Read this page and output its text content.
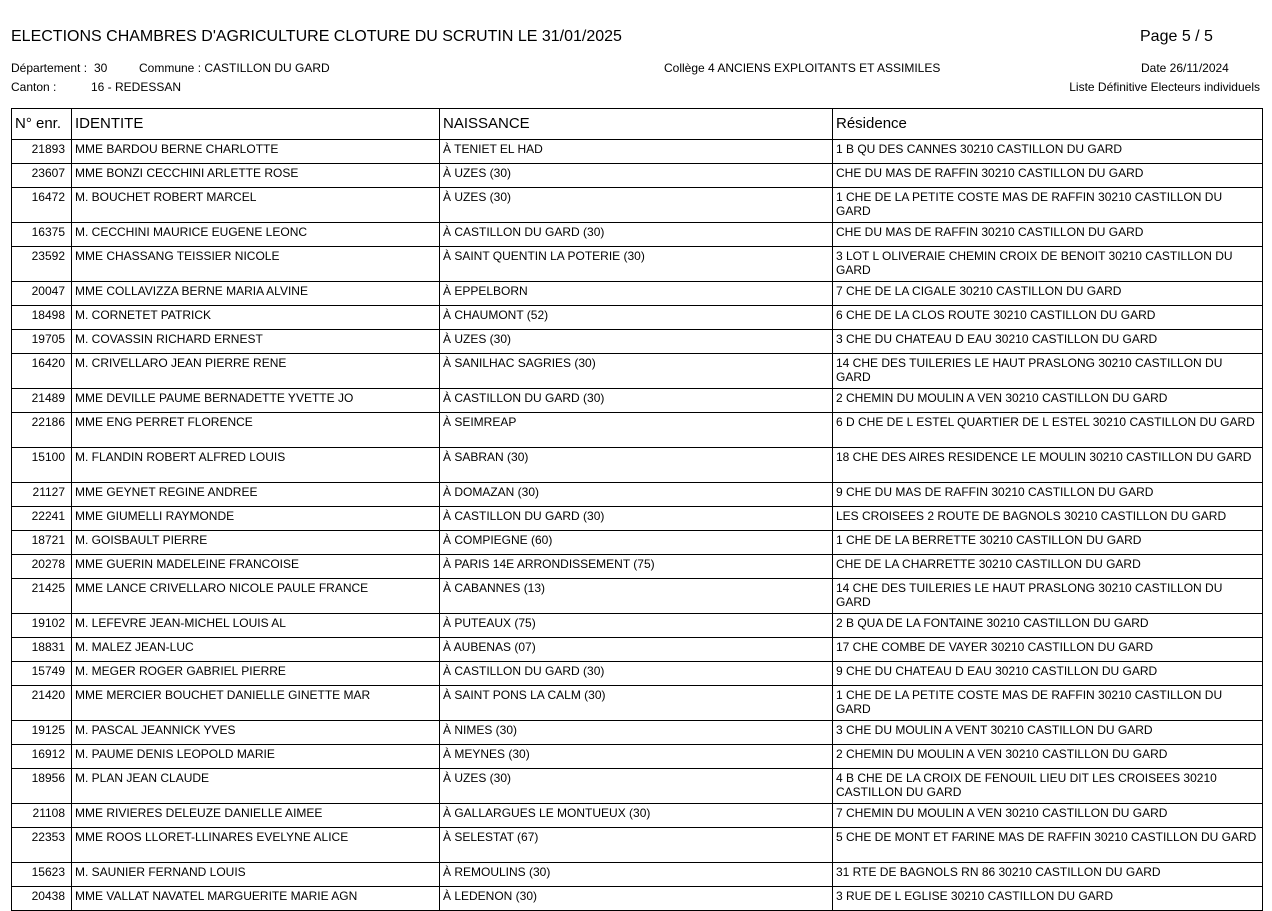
ELECTIONS CHAMBRES D'AGRICULTURE CLOTURE DU SCRUTIN LE 31/01/2025	Page 5 / 5
Département : 30	Commune : CASTILLON DU GARD	Collège 4 ANCIENS EXPLOITANTS ET ASSIMILES	Date 26/11/2024
Canton :	16 - REDESSAN	Liste Définitive Electeurs individuels
N° enr.	IDENTITE	NAISSANCE	Résidence
21893	MME BARDOU BERNE CHARLOTTE	À TENIET EL HAD	1 B QU DES CANNES 30210 CASTILLON DU GARD
23607	MME BONZI CECCHINI ARLETTE ROSE	À UZES (30)	CHE DU MAS DE RAFFIN 30210 CASTILLON DU GARD
16472	M. BOUCHET ROBERT MARCEL	À UZES (30)	1 CHE DE LA PETITE COSTE MAS DE RAFFIN 30210 CASTILLON DU GARD
16375	M. CECCHINI MAURICE EUGENE LEONC	À CASTILLON DU GARD (30)	CHE DU MAS DE RAFFIN 30210 CASTILLON DU GARD
23592	MME CHASSANG TEISSIER NICOLE	À SAINT QUENTIN LA POTERIE (30)	3 LOT L OLIVERAIE CHEMIN CROIX DE BENOIT 30210 CASTILLON DU GARD
20047	MME COLLAVIZZA BERNE MARIA ALVINE	À EPPELBORN	7 CHE DE LA CIGALE 30210 CASTILLON DU GARD
18498	M. CORNETET PATRICK	À CHAUMONT (52)	6 CHE DE LA CLOS ROUTE 30210 CASTILLON DU GARD
19705	M. COVASSIN RICHARD ERNEST	À UZES (30)	3 CHE DU CHATEAU D EAU 30210 CASTILLON DU GARD
16420	M. CRIVELLARO JEAN PIERRE RENE	À SANILHAC SAGRIES (30)	14 CHE DES TUILERIES LE HAUT PRASLONG 30210 CASTILLON DU GARD
21489	MME DEVILLE PAUME BERNADETTE YVETTE JO	À CASTILLON DU GARD (30)	2 CHEMIN DU MOULIN A VEN 30210 CASTILLON DU GARD
22186	MME ENG PERRET FLORENCE	À SEIMREAP	6 D CHE DE L ESTEL QUARTIER DE L ESTEL 30210 CASTILLON DU GARD
15100	M. FLANDIN ROBERT ALFRED LOUIS	À SABRAN (30)	18 CHE DES AIRES RESIDENCE LE MOULIN 30210 CASTILLON DU GARD
21127	MME GEYNET REGINE ANDREE	À DOMAZAN (30)	9 CHE DU MAS DE RAFFIN 30210 CASTILLON DU GARD
22241	MME GIUMELLI RAYMONDE	À CASTILLON DU GARD (30)	LES CROISEES 2 ROUTE DE BAGNOLS 30210 CASTILLON DU GARD
18721	M. GOISBAULT PIERRE	À COMPIEGNE (60)	1 CHE DE LA BERRETTE 30210 CASTILLON DU GARD
20278	MME GUERIN MADELEINE FRANCOISE	À PARIS 14E ARRONDISSEMENT (75)	CHE DE LA CHARRETTE 30210 CASTILLON DU GARD
21425	MME LANCE CRIVELLARO NICOLE PAULE FRANCE	À CABANNES (13)	14 CHE DES TUILERIES LE HAUT PRASLONG 30210 CASTILLON DU GARD
19102	M. LEFEVRE JEAN-MICHEL LOUIS AL	À PUTEAUX (75)	2 B QUA DE LA FONTAINE 30210 CASTILLON DU GARD
18831	M. MALEZ JEAN-LUC	À AUBENAS (07)	17 CHE COMBE DE VAYER 30210 CASTILLON DU GARD
15749	M. MEGER ROGER GABRIEL PIERRE	À CASTILLON DU GARD (30)	9 CHE DU CHATEAU D EAU 30210 CASTILLON DU GARD
21420	MME MERCIER BOUCHET DANIELLE GINETTE MAR	À SAINT PONS LA CALM (30)	1 CHE DE LA PETITE COSTE MAS DE RAFFIN 30210 CASTILLON DU GARD
19125	M. PASCAL JEANNICK YVES	À NIMES (30)	3 CHE DU MOULIN A VENT 30210 CASTILLON DU GARD
16912	M. PAUME DENIS LEOPOLD MARIE	À MEYNES (30)	2 CHEMIN DU MOULIN A VEN 30210 CASTILLON DU GARD
18956	M. PLAN JEAN CLAUDE	À UZES (30)	4 B CHE DE LA CROIX DE FENOUIL LIEU DIT LES CROISEES 30210 CASTILLON DU GARD
21108	MME RIVIERES DELEUZE DANIELLE AIMEE	À GALLARGUES LE MONTUEUX (30)	7 CHEMIN DU MOULIN A VEN 30210 CASTILLON DU GARD
22353	MME ROOS LLORET-LLINARES EVELYNE ALICE	À SELESTAT (67)	5 CHE DE MONT ET FARINE MAS DE RAFFIN 30210 CASTILLON DU GARD
15623	M. SAUNIER FERNAND LOUIS	À REMOULINS (30)	31 RTE DE BAGNOLS RN 86 30210 CASTILLON DU GARD
20438	MME VALLAT NAVATEL MARGUERITE MARIE AGN	À LEDENON (30)	3 RUE DE L EGLISE 30210 CASTILLON DU GARD
